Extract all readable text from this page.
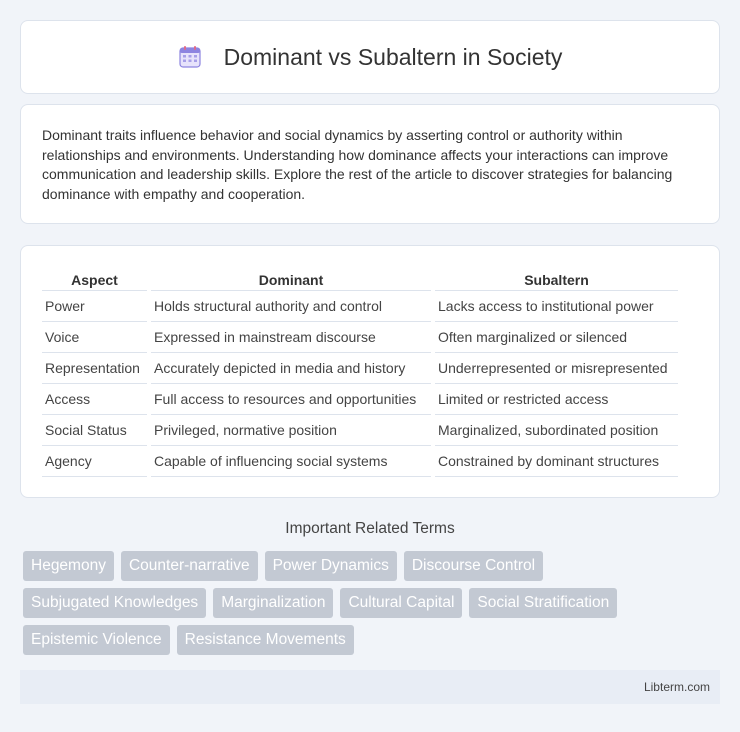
Dominant vs Subaltern in Society

Dominant traits influence behavior and social dynamics by asserting control or authority within relationships and environments. Understanding how dominance affects your interactions can improve communication and leadership skills. Explore the rest of the article to discover strategies for balancing dominance with empathy and cooperation.

Aspect	Dominant	Subaltern
Power	Holds structural authority and control	Lacks access to institutional power
Voice	Expressed in mainstream discourse	Often marginalized or silenced
Representation	Accurately depicted in media and history	Underrepresented or misrepresented
Access	Full access to resources and opportunities	Limited or restricted access
Social Status	Privileged, normative position	Marginalized, subordinated position
Agency	Capable of influencing social systems	Constrained by dominant structures
Important Related Terms
Hegemony	Counter-narrative	Power Dynamics	Discourse Control
Subjugated Knowledges	Marginalization	Cultural Capital	Social Stratification
Epistemic Violence	Resistance Movements
Libterm.com
